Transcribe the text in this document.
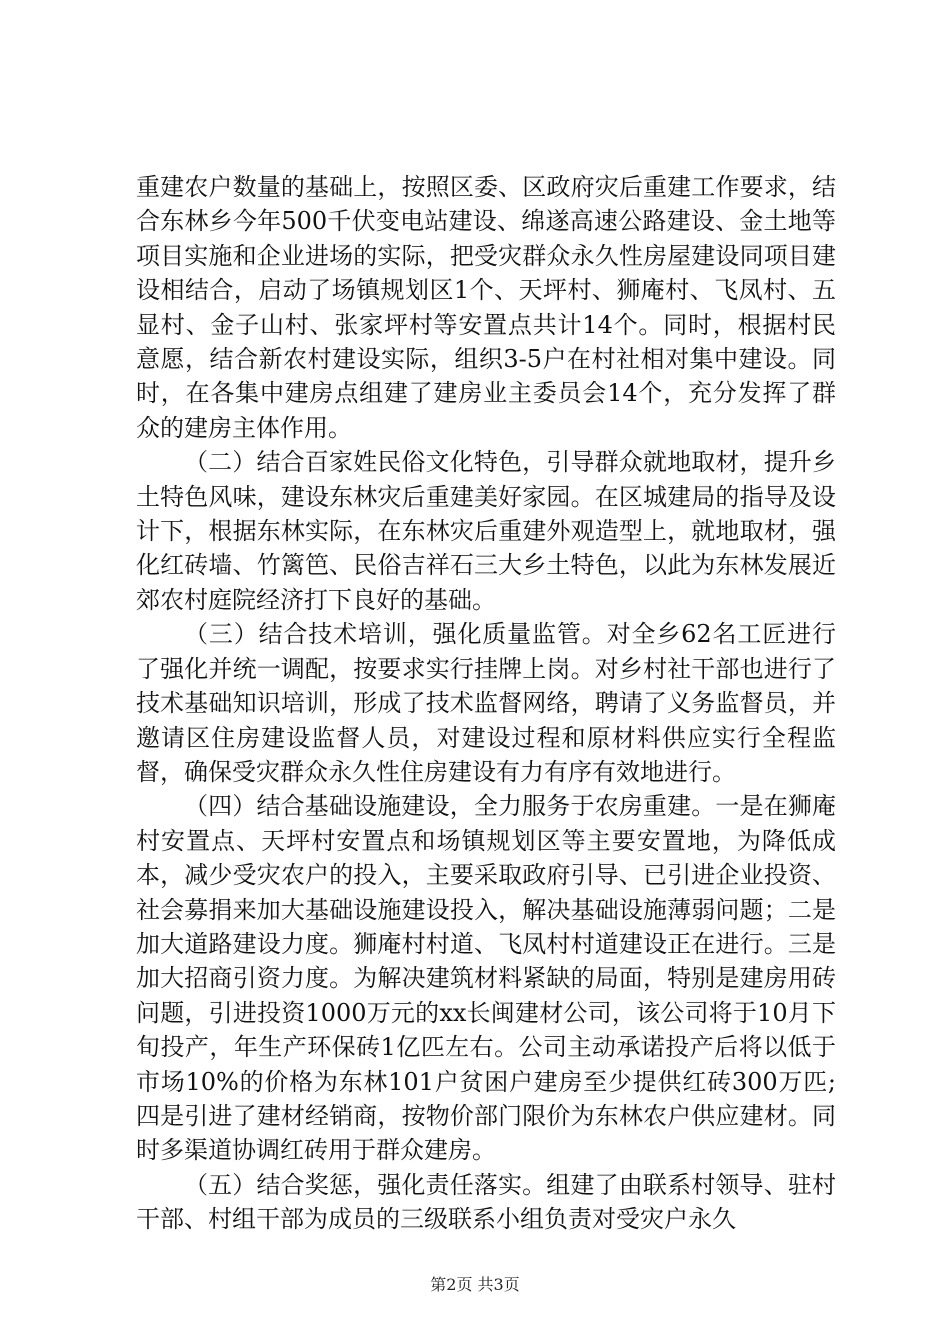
重建农户数量的基础上，按照区委、区政府灾后重建工作要求，结合东林乡今年500千伏变电站建设、绵遂高速公路建设、金土地等项目实施和企业进场的实际，把受灾群众永久性房屋建设同项目建设相结合，启动了场镇规划区1个、天坪村、狮庵村、飞凤村、五显村、金子山村、张家坪村等安置点共计14个。同时，根据村民意愿，结合新农村建设实际，组织3-5户在村社相对集中建设。同时，在各集中建房点组建了建房业主委员会14个，充分发挥了群众的建房主体作用。

（二）结合百家姓民俗文化特色，引导群众就地取材，提升乡土特色风味，建设东林灾后重建美好家园。在区城建局的指导及设计下，根据东林实际，在东林灾后重建外观造型上，就地取材，强化红砖墙、竹篱笆、民俗吉祥石三大乡土特色，以此为东林发展近郊农村庭院经济打下良好的基础。

（三）结合技术培训，强化质量监管。对全乡62名工匠进行了强化并统一调配，按要求实行挂牌上岗。对乡村社干部也进行了技术基础知识培训，形成了技术监督网络，聘请了义务监督员，并邀请区住房建设监督人员，对建设过程和原材料供应实行全程监督，确保受灾群众永久性住房建设有力有序有效地进行。

（四）结合基础设施建设，全力服务于农房重建。一是在狮庵村安置点、天坪村安置点和场镇规划区等主要安置地，为降低成本，减少受灾农户的投入，主要采取政府引导、已引进企业投资、社会募捐来加大基础设施建设投入，解决基础设施薄弱问题；二是加大道路建设力度。狮庵村村道、飞凤村村道建设正在进行。三是加大招商引资力度。为解决建筑材料紧缺的局面，特别是建房用砖问题，引进投资1000万元的xx长闽建材公司，该公司将于10月下旬投产，年生产环保砖1亿匹左右。公司主动承诺投产后将以低于市场10%的价格为东林101户贫困户建房至少提供红砖300万匹;四是引进了建材经销商，按物价部门限价为东林农户供应建材。同时多渠道协调红砖用于群众建房。

（五）结合奖惩，强化责任落实。组建了由联系村领导、驻村干部、村组干部为成员的三级联系小组负责对受灾户永久

第2页 共3页
